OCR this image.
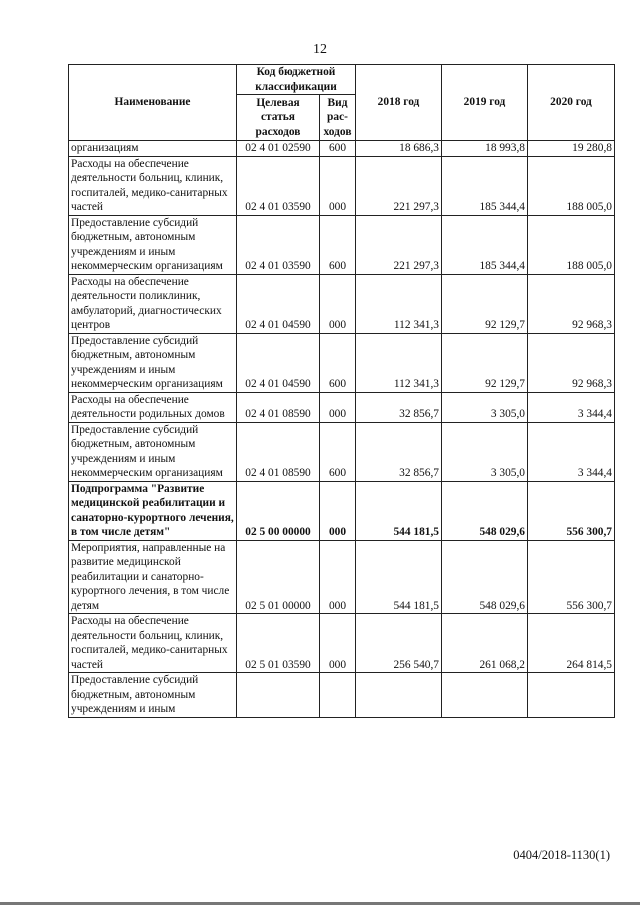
12
Наименование	Код бюджетной классификации		2018 год	2019 год	2020 год
	Целевая статья расходов	Вид рас-ходов			
организациям	02 4 01 02590	600	18 686,3	18 993,8	19 280,8
Расходы на обеспечение деятельности больниц, клиник, госпиталей, медико-санитарных частей	02 4 01 03590	000	221 297,3	185 344,4	188 005,0
Предоставление субсидий бюджетным, автономным учреждениям и иным некоммерческим организациям	02 4 01 03590	600	221 297,3	185 344,4	188 005,0
Расходы на обеспечение деятельности поликлиник, амбулаторий, диагностических центров	02 4 01 04590	000	112 341,3	92 129,7	92 968,3
Предоставление субсидий бюджетным, автономным учреждениям и иным некоммерческим организациям	02 4 01 04590	600	112 341,3	92 129,7	92 968,3
Расходы на обеспечение деятельности родильных домов	02 4 01 08590	000	32 856,7	3 305,0	3 344,4
Предоставление субсидий бюджетным, автономным учреждениям и иным некоммерческим организациям	02 4 01 08590	600	32 856,7	3 305,0	3 344,4
Подпрограмма "Развитие медицинской реабилитации и санаторно-курортного лечения, в том числе детям"	02 5 00 00000	000	544 181,5	548 029,6	556 300,7
Мероприятия, направленные на развитие медицинской реабилитации и санаторно-курортного лечения, в том числе детям	02 5 01 00000	000	544 181,5	548 029,6	556 300,7
Расходы на обеспечение деятельности больниц, клиник, госпиталей, медико-санитарных частей	02 5 01 03590	000	256 540,7	261 068,2	264 814,5
Предоставление субсидий бюджетным, автономным учреждениям и иным					
0404/2018-1130(1)
